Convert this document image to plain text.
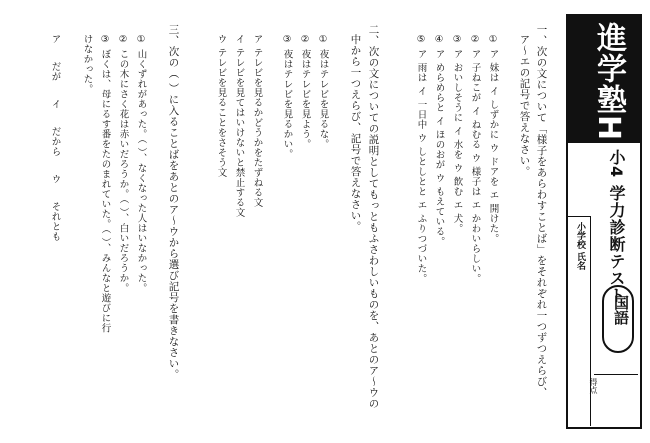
進学塾H2
小4 学力診断テスト
小学校 氏名
国語
得点
一、次の文について「様子をあらわすことば」をそれぞれ一つずつえらび、
ア～エの記号で答えなさい。
① ア 妹は イ しずかに ウ ドアを エ 開けた。
② ア 子ねこが イ ねむる ウ 様子は エ かわいらしい。
③ ア おいしそうに イ 水を ウ 飲む エ 犬。
④ ア めらめらと イ ほのおが ウ もえている。
⑤ ア 雨は イ 一日中 ウ しとしとと エ ふりつづいた。
二、次の文についての説明としてもっともふさわしいものを、あとのア～ウの
中から一つえらび、記号で答えなさい。
① 夜はテレビを見るな。
② 夜はテレビを見よう。
③ 夜はテレビを見るかい。
ア テレビを見るかどうかをたずねる文
イ テレビを見てはいけないと禁止する文
ウ テレビを見ることをさそう文
三、次の（ ）に入ることばをあとのア～ウから選び記号を書きなさい。
① 山くずれがあった。（ ）、なくなった人はいなかった。
② この木にさく花は赤いだろうか。（ ）、白いだろうか。
③ ぼくは、母にるす番をたのまれていた。（ ）、みんなと遊びに行
けなかった。
ア だが イ だから ウ それとも
